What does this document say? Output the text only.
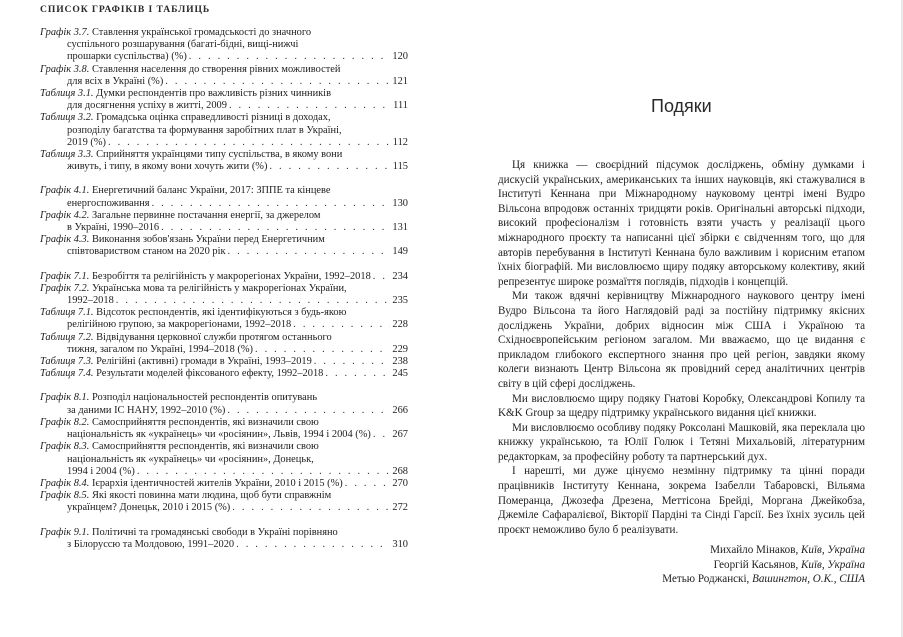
СПИСОК ГРАФІКІВ І ТАБЛИЦЬ
Графік 3.7. Ставлення української громадськості до значного
суспільного розшарування (багаті-бідні, вищі-нижчі
прошарки суспільства) (%) . . .	120
Графік 3.8. Ставлення населення до створення рівних можливостей
для всіх в Україні (%) . . .	121
Таблиця 3.1. Думки респондентів про важливість різних чинників
для досягнення успіху в житті, 2009 . . .	111
Таблиця 3.2. Громадська оцінка справедливості різниці в доходах,
розподілу багатства та формування заробітних плат в Україні,
2019 (%) . . .	112
Таблиця 3.3. Сприйняття українцями типу суспільства, в якому вони
живуть, і типу, в якому вони хочуть жити (%) . . .	115
Графік 4.1. Енергетичний баланс України, 2017: ЗППЕ та кінцеве
енергоспоживання . . .	130
Графік 4.2. Загальне первинне постачання енергії, за джерелом
в Україні, 1990–2016 . . .	131
Графік 4.3. Виконання зобов'язань України перед Енергетичним
співтовариством станом на 2020 рік . . .	149
Графік 7.1. Безробіття та релігійність у макрорегіонах України, 1992–2018 . . . 234
Графік 7.2. Українська мова та релігійність у макрорегіонах України,
1992–2018 . . .	235
Таблиця 7.1. Відсоток респондентів, які ідентифікуються з будь-якою
релігійною групою, за макрорегіонами, 1992–2018 . . .	228
Таблиця 7.2. Відвідування церковної служби протягом останнього
тижня, загалом по Україні, 1994–2018 (%) . . .	229
Таблиця 7.3. Релігійні (активні) громади в Україні, 1993–2019 . . .	238
Таблиця 7.4. Результати моделей фіксованого ефекту, 1992–2018 . . .	245
Графік 8.1. Розподіл національностей респондентів опитувань
за даними ІС НАНУ, 1992–2010 (%) . . .	266
Графік 8.2. Самосприйняття респондентів, які визначили свою
національність як «українець» чи «росіянин», Львів, 1994 і 2004 (%) . . . 267
Графік 8.3. Самосприйняття респондентів, які визначили свою
національність як «українець» чи «росіянин», Донецьк,
1994 і 2004 (%) . . .	268
Графік 8.4. Ієрархія ідентичностей жителів України, 2010 і 2015 (%) . . .	270
Графік 8.5. Які якості повинна мати людина, щоб бути справжнім
українцем? Донецьк, 2010 і 2015 (%) . . .	272
Графік 9.1. Політичні та громадянські свободи в Україні порівняно
з Білоруссю та Молдовою, 1991–2020 . . .	310
Подяки

Ця книжка — своєрідний підсумок досліджень, обміну думками і дискусій українських, американських та інших науковців, які стажувалися в Інституті Кеннана при Міжнародному науковому центрі імені Вудро Вільсона впродовж останніх тридцяти років. Оригінальні авторські підходи, високий професіоналізм і готовність взяти участь у реалізації цього міжнародного проєкту та написанні цієї збірки є свідченням того, що для авторів перебування в Інституті Кеннана було важливим і корисним етапом їхніх біографій. Ми висловлюємо щиру подяку авторському колективу, який репрезентує широке розмаїття поглядів, підходів і концепцій.

Ми також вдячні керівництву Міжнародного наукового центру імені Вудро Вільсона та його Наглядовій раді за постійну підтримку якісних досліджень України, добрих відносин між США і Україною та Східноєвропейським регіоном загалом. Ми вважаємо, що це видання є прикладом глибокого експертного знання про цей регіон, завдяки якому колеги визнають Центр Вільсона як провідний серед аналітичних центрів світу в цій сфері досліджень.

Ми висловлюємо щиру подяку Гнатові Коробку, Олександрові Копилу та K&K Group за щедру підтримку українського видання цієї книжки.

Ми висловлюємо особливу подяку Роксолані Машковій, яка переклала цю книжку українською, та Юлії Голюк і Тетяні Михальовій, літературним редакторкам, за професійну роботу та партнерський дух.

І нарешті, ми дуже цінуємо незмінну підтримку та цінні поради працівників Інституту Кеннана, зокрема Ізабелли Табаровскі, Вільяма Померанца, Джозефа Дрезена, Меттісона Брейді, Моргана Джейкобза, Джеміле Сафаралієвої, Вікторії Пардіні та Сінді Гарсії. Без їхніх зусиль цей проєкт неможливо було б реалізувати.

Михайло Мінаков, Київ, Україна
Георгій Касьянов, Київ, Україна
Метью Роджанскі, Вашингтон, О.К., США
